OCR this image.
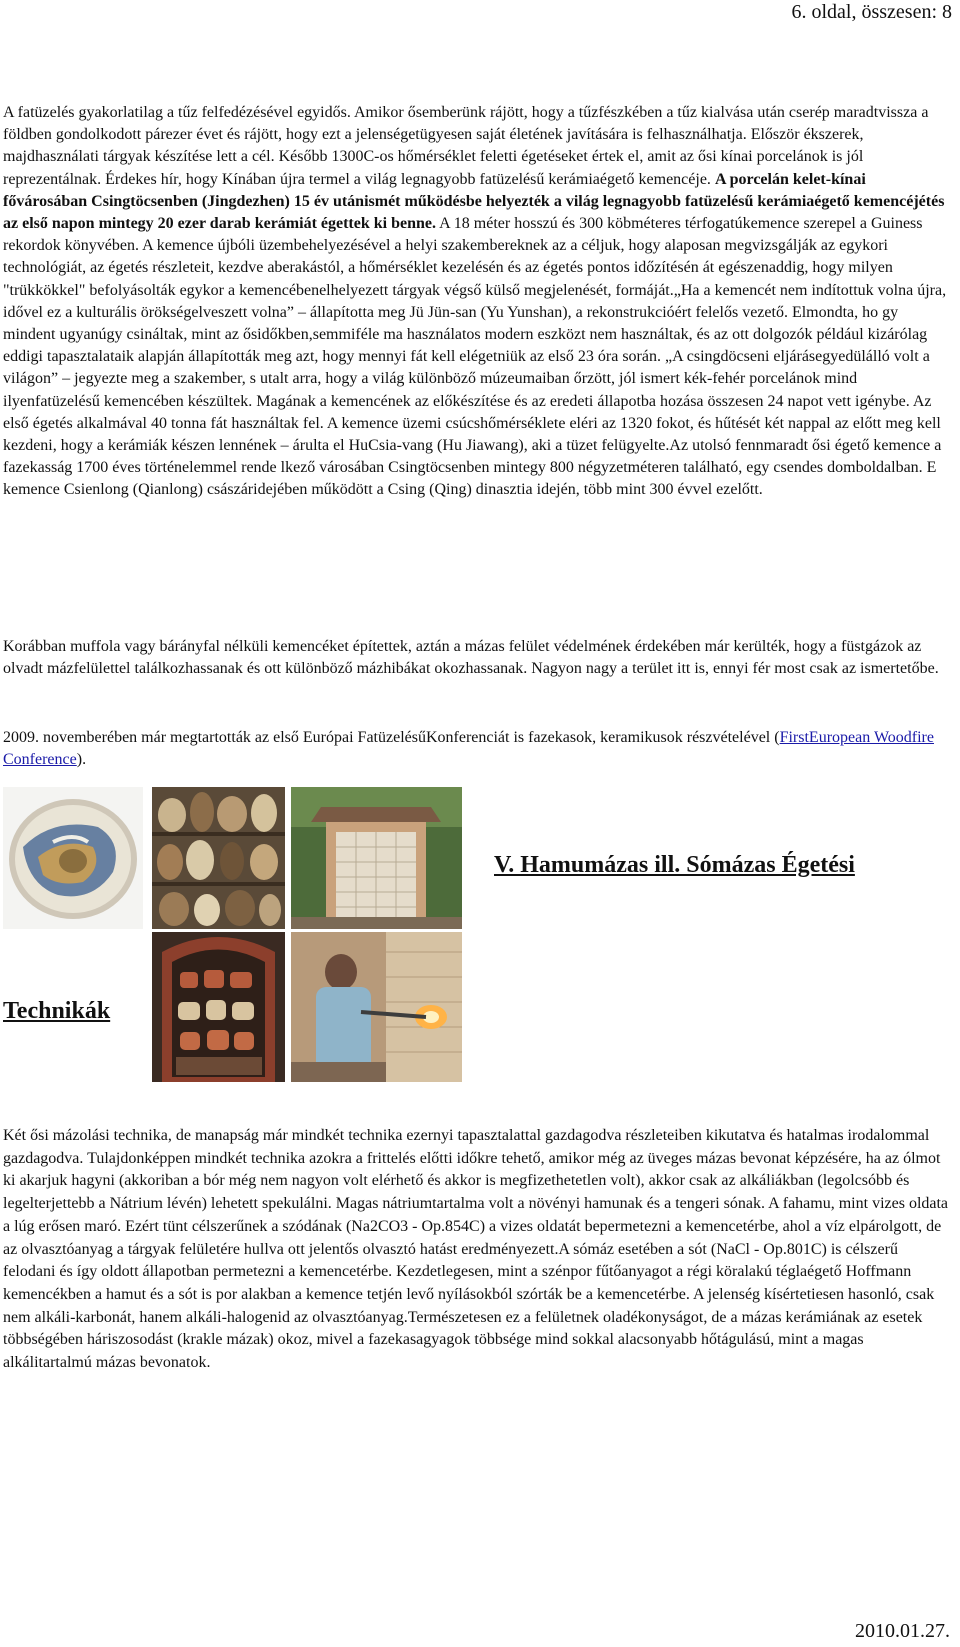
6. oldal, összesen: 8

A fatüzelés gyakorlatilag a tűz felfedézésével egyidős. Amikor ősemberünk rájött, hogy a tűzfészkében a tűz kialvása után cserép maradtvissza a földben gondolkodott párezer évet és rájött, hogy ezt a jelenségetügyesen saját életének javítására is felhasználhatja. Először ékszerek, majdhasználati tárgyak készítése lett a cél. Később 1300C-os hőmérséklet feletti égetéseket értek el, amit az ősi kínai porcelánok is jól reprezentálnak. Érdekes hír, hogy Kínában újra termel a világ legnagyobb fatüzelésű kerámiaégető kemencéje. A porcelán kelet-kínai fővárosában Csingtöcsenben (Jingdezhen) 15 év utánismét működésbe helyezték a világ legnagyobb fatüzelésű kerámiaégető kemencéjétés az első napon mintegy 20 ezer darab kerámiát égettek ki benne. A 18 méter hosszú és 300 köbméteres térfogatúkemence szerepel a Guiness rekordok könyvében. A kemence újbóli üzembehelyezésével a helyi szakembereknek az a céljuk, hogy alaposan megvizsgálják az egykori technológiát, az égetés részleteit, kezdve aberakástól, a hőmérséklet kezelésén és az égetés pontos időzítésén át egészenaddig, hogy milyen "trükkökkel" befolyásolták egykor a kemencébenelhelyezett tárgyak végső külső megjelenését, formáját.„Ha a kemencét nem indítottuk volna újra, idővel ez a kulturális örökségelveszett volna” – állapította meg Jü Jün-san (Yu Yunshan), a rekonstrukcióért felelős vezető. Elmondta, ho gy mindent ugyanúgy csináltak, mint az ősidőkben,semmiféle ma használatos modern eszközt nem használtak, és az ott dolgozók például kizárólag eddigi tapasztalataik alapján állapították meg azt, hogy mennyi fát kell elégetniük az első 23 óra során. „A csingdöcseni eljárásegyedülálló volt a világon” – jegyezte meg a szakember, s utalt arra, hogy a világ különböző múzeumaiban őrzött, jól ismert kék-fehér porcelánok mind ilyenfatüzelésű kemencében készültek. Magának a kemencének az előkészítése és az eredeti állapotba hozása összesen 24 napot vett igénybe. Az első égetés alkalmával 40 tonna fát használtak fel. A kemence üzemi csúcshőmérséklete eléri az 1320 fokot, és hűtését két nappal az előtt meg kell kezdeni, hogy a kerámiák készen lennének – árulta el HuCsia-vang (Hu Jiawang), aki a tüzet felügyelte.Az utolsó fennmaradt ősi égető kemence a fazekasság 1700 éves történelemmel rende lkező városában Csingtöcsenben mintegy 800 négyzetméteren található, egy csendes domboldalban. E kemence Csienlong (Qianlong) császáridejében működött a Csing (Qing) dinasztia idején, több mint 300 évvel ezelőtt.

Korábban muffola vagy bárányfal nélküli kemencéket építettek, aztán a mázas felület védelmének érdekében már kerülték, hogy a füstgázok az olvadt mázfelülettel találkozhassanak és ott különböző mázhibákat okozhassanak. Nagyon nagy a terület itt is, ennyi fér most csak az ismertetőbe.

2009. novemberében már megtartották az első Európai FatüzelésűKonferenciát is fazekasok, keramikusok részvételével (FirstEuropean Woodfire Conference).

V. Hamumázas ill. Sómázas Égetési
Technikák

Két ősi mázolási technika, de manapság már mindkét technika ezernyi tapasztalattal gazdagodva részleteiben kikutatva és hatalmas irodalommal gazdagodva. Tulajdonképpen mindkét technika azokra a frittelés előtti időkre tehető, amikor még az üveges mázas bevonat képzésére, ha az ólmot ki akarjuk hagyni (akkoriban a bór még nem nagyon volt elérhető és akkor is megfizethetetlen volt), akkor csak az alkáliákban (legolcsóbb és legelterjettebb a Nátrium lévén) lehetett spekulálni. Magas nátriumtartalma volt a növényi hamunak és a tengeri sónak. A fahamu, mint vizes oldata a lúg erősen maró. Ezért tünt célszerűnek a szódának (Na2CO3 - Op.854C) a vizes oldatát bepermetezni a kemencetérbe, ahol a víz elpárolgott, de az olvasztóanyag a tárgyak felületére hullva ott jelentős olvasztó hatást eredményezett.A sómáz esetében a sót (NaCl - Op.801C) is célszerű felodani és így oldott állapotban permetezni a kemencetérbe. Kezdetlegesen, mint a szénpor fűtőanyagot a régi köralakú téglaégető Hoffmann kemencékben a hamut és a sót is por alakban a kemence tetjén levő nyílásokból szórták be a kemencetérbe. A jelenség kísértetiesen hasonló, csak nem alkáli-karbonát, hanem alkáli-halogenid az olvasztóanyag.Természetesen ez a felületnek oladékonyságot, de a mázas kerámiának az esetek többségében háriszosodást (krakle mázak) okoz, mivel a fazekasagyagok többsége mind sokkal alacsonyabb hőtágulású, mint a magas alkálitartalmú mázas bevonatok.

2010.01.27.
